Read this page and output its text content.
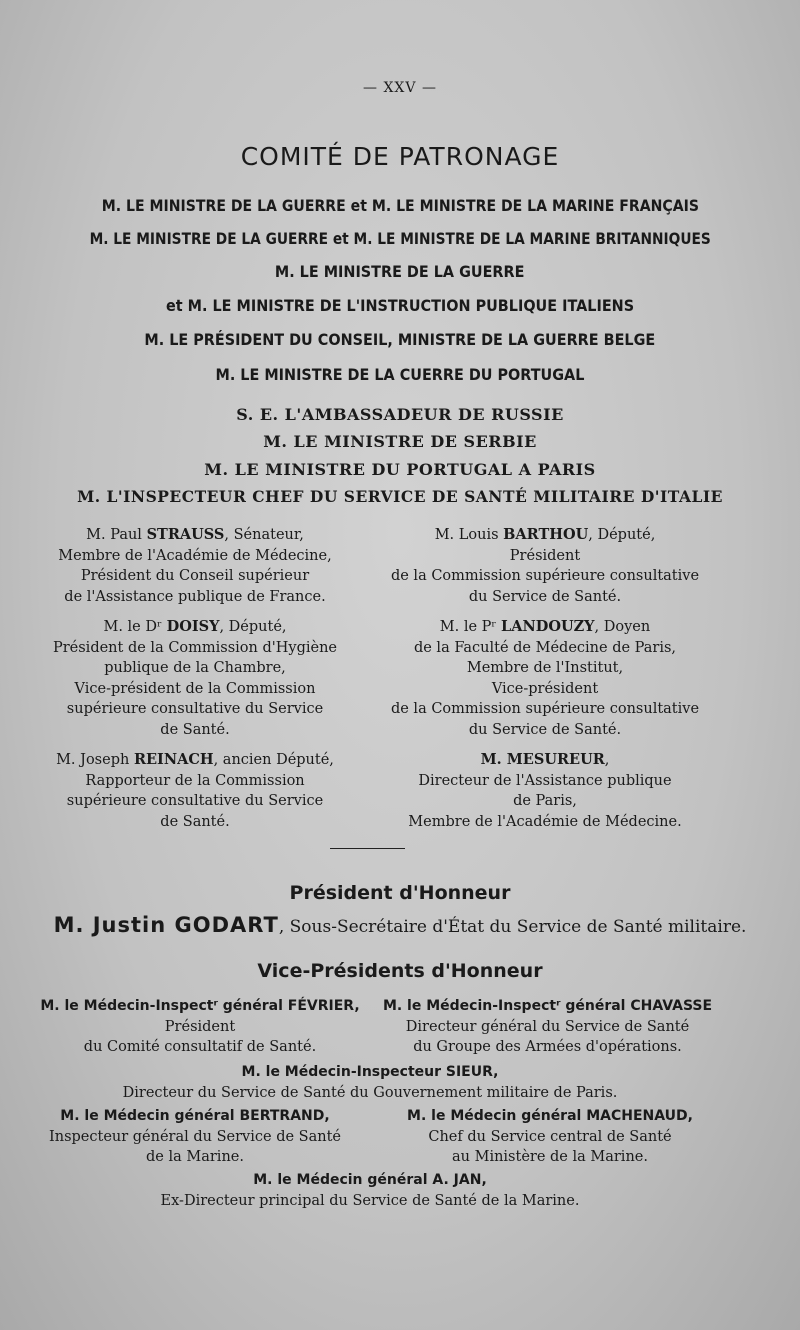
— XXV —
COMITÉ DE PATRONAGE
M. LE MINISTRE DE LA GUERRE et M. LE MINISTRE DE LA MARINE FRANÇAIS
M. LE MINISTRE DE LA GUERRE et M. LE MINISTRE DE LA MARINE BRITANNIQUES
M. LE MINISTRE DE LA GUERRE
et M. LE MINISTRE DE L'INSTRUCTION PUBLIQUE ITALIENS
M. LE PRÉSIDENT DU CONSEIL, MINISTRE DE LA GUERRE BELGE
M. LE MINISTRE DE LA CUERRE DU PORTUGAL
S. E. L'AMBASSADEUR DE RUSSIE
M. LE MINISTRE DE SERBIE
M. LE MINISTRE DU PORTUGAL A PARIS
M. L'INSPECTEUR CHEF DU SERVICE DE SANTÉ MILITAIRE D'ITALIE
M. Paul STRAUSS, Sénateur,
Membre de l'Académie de Médecine,
Président du Conseil supérieur
de l'Assistance publique de France.
M. le Dʳ DOISY, Député,
Président de la Commission d'Hygiène
publique de la Chambre,
Vice-président de la Commission
supérieure consultative du Service
de Santé.
M. Joseph REINACH, ancien Député,
Rapporteur de la Commission
supérieure consultative du Service
de Santé.
M. Louis BARTHOU, Député,
Président
de la Commission supérieure consultative
du Service de Santé.
M. le Pʳ LANDOUZY, Doyen
de la Faculté de Médecine de Paris,
Membre de l'Institut,
Vice-président
de la Commission supérieure consultative
du Service de Santé.
M. MESUREUR,
Directeur de l'Assistance publique
de Paris,
Membre de l'Académie de Médecine.
Président d'Honneur
M. Justin GODART, Sous-Secrétaire d'État du Service de Santé militaire.
Vice-Présidents d'Honneur
M. le Médecin-Inspectʳ général FÉVRIER,
Président
du Comité consultatif de Santé.
M. le Médecin-Inspectʳ général CHAVASSE
Directeur général du Service de Santé
du Groupe des Armées d'opérations.
M. le Médecin-Inspecteur SIEUR,
Directeur du Service de Santé du Gouvernement militaire de Paris.
M. le Médecin général BERTRAND,
Inspecteur général du Service de Santé
de la Marine.
M. le Médecin général MACHENAUD,
Chef du Service central de Santé
au Ministère de la Marine.
M. le Médecin général A. JAN,
Ex-Directeur principal du Service de Santé de la Marine.
